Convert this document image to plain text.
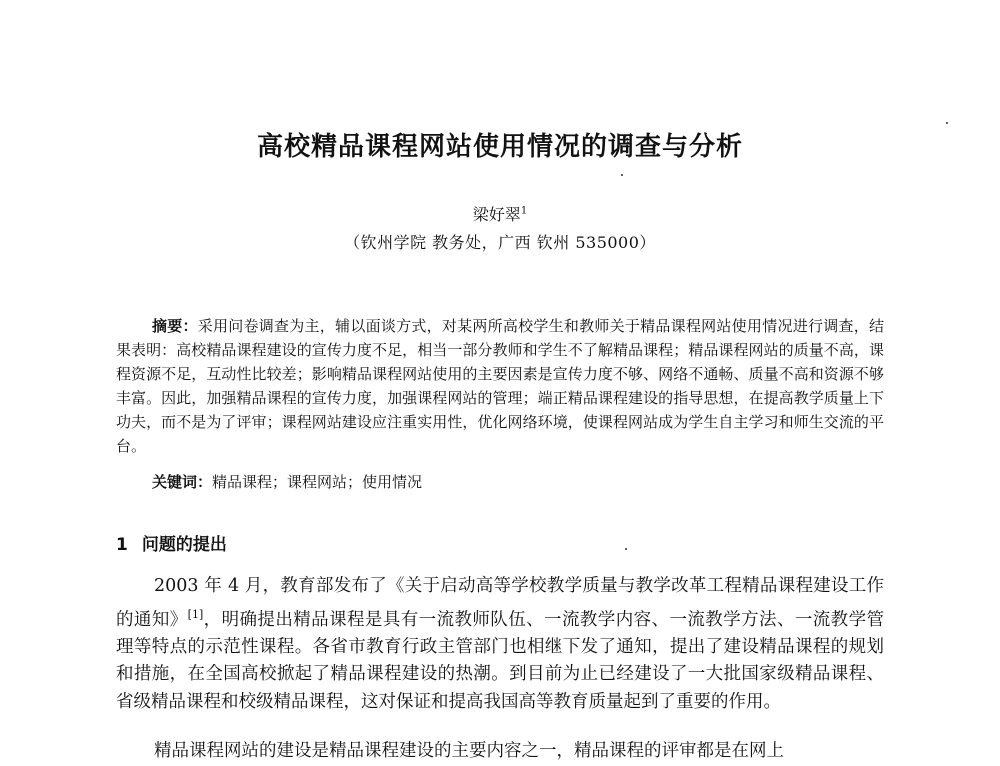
高校精品课程网站使用情况的调查与分析
梁好翠$^1$
（钦州学院 教务处，广西 钦州 535000）
摘要：采用问卷调查为主，辅以面谈方式，对某两所高校学生和教师关于精品课程网站使用情况进行调查，结果表明：高校精品课程建设的宣传力度不足，相当一部分教师和学生不了解精品课程；精品课程网站的质量不高，课程资源不足，互动性比较差；影响精品课程网站使用的主要因素是宣传力度不够、网络不通畅、质量不高和资源不够丰富。因此，加强精品课程的宣传力度，加强课程网站的管理；端正精品课程建设的指导思想，在提高教学质量上下功夫，而不是为了评审；课程网站建设应注重实用性，优化网络环境，使课程网站成为学生自主学习和师生交流的平台。
关键词：精品课程；课程网站；使用情况
1 问题的提出

2003 年 4 月，教育部发布了《关于启动高等学校教学质量与教学改革工程精品课程建设工作的通知》[1]，明确提出精品课程是具有一流教师队伍、一流教学内容、一流教学方法、一流教学管理等特点的示范性课程。各省市教育行政主管部门也相继下发了通知，提出了建设精品课程的规划和措施，在全国高校掀起了精品课程建设的热潮。到目前为止已经建设了一大批国家级精品课程、省级精品课程和校级精品课程，这对保证和提高我国高等教育质量起到了重要的作用。

精品课程网站的建设是精品课程建设的主要内容之一，精品课程的评审都是在网上
